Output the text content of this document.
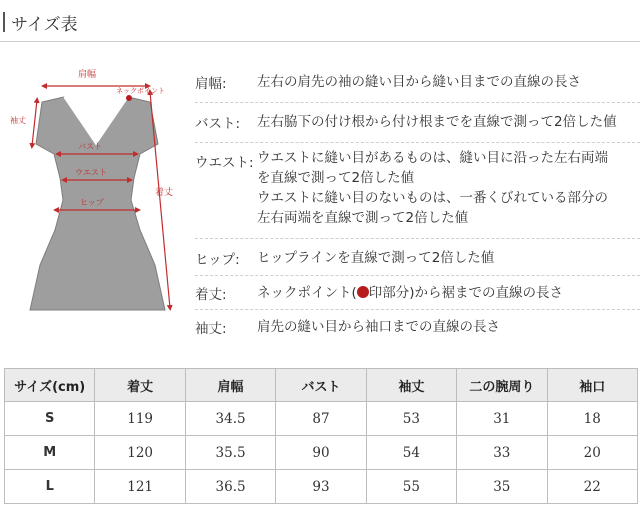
サイズ表
肩幅
ネックポイント
袖丈
バスト
ウエスト
ヒップ
着丈
肩幅: 左右の肩先の袖の縫い目から縫い目までの直線の長さ
バスト: 左右脇下の付け根から付け根までを直線で測って2倍した値
ウエスト: ウエストに縫い目があるものは、縫い目に沿った左右両端
を直線で測って2倍した値
ウエストに縫い目のないものは、一番くびれている部分の
左右両端を直線で測って2倍した値
ヒップ: ヒップラインを直線で測って2倍した値
着丈: ネックポイント( 印部分)から裾までの直線の長さ
袖丈: 肩先の縫い目から袖口までの直線の長さ
サイズ(cm)	着丈	肩幅	バスト	袖丈	二の腕周り	袖口
S	119	34.5	87	53	31	18
M	120	35.5	90	54	33	20
L	121	36.5	93	55	35	22
